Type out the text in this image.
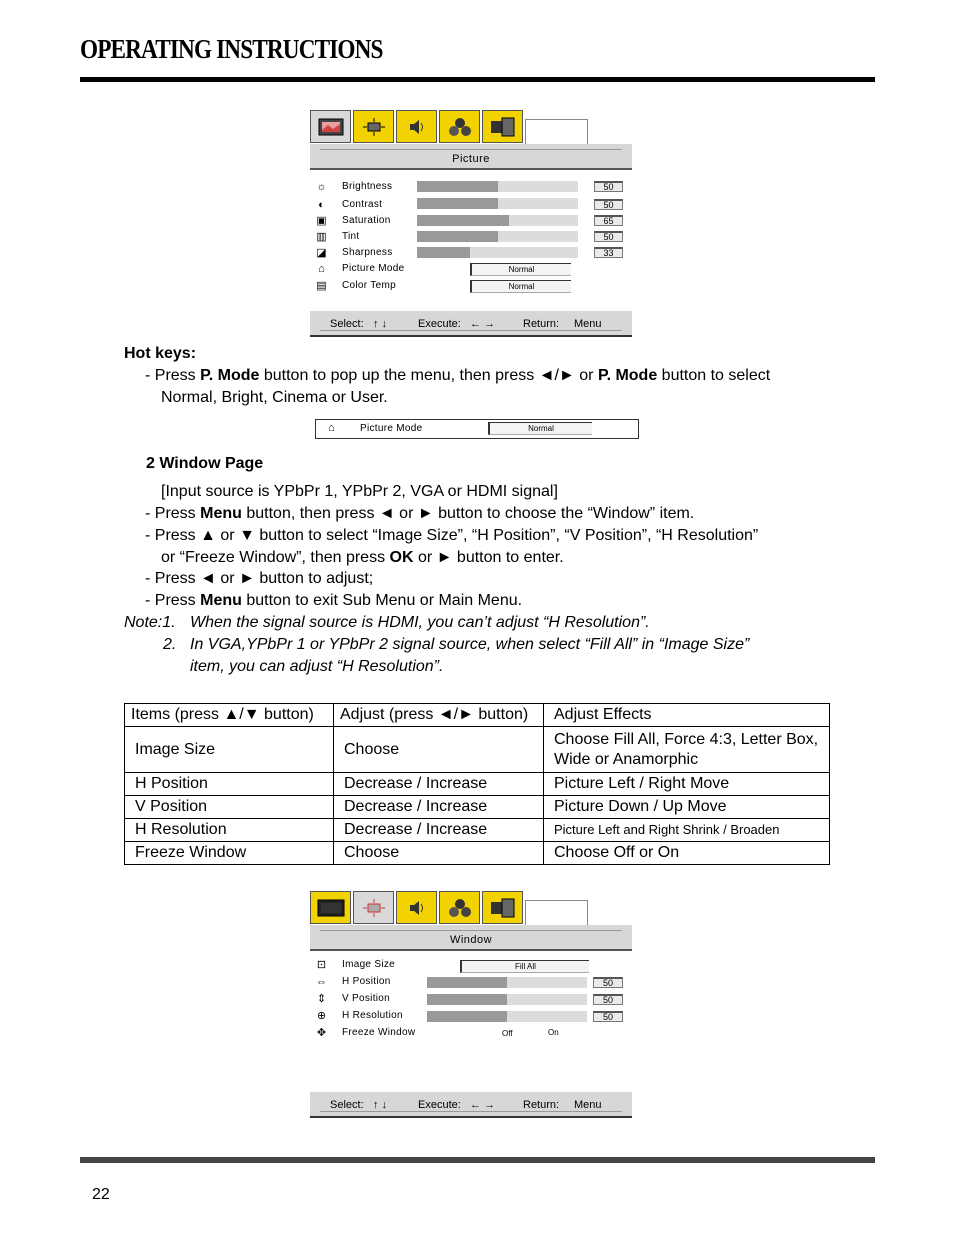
OPERATING INSTRUCTIONS
Picture
☼ Brightness	50
◐	Contrast	50
▣ Saturation	65
▥ Tint	50
◪ Sharpness	33
⌂	Picture Mode	Normal
▤ Color Temp	Normal
Select: ↑ ↓	Execute: ← →	Return: Menu
Hot keys:
- Press P. Mode button to pop up the menu, then press ◄/► or P. Mode button to select
Normal, Bright, Cinema or User.
⌂	Picture Mode	Normal
2 Window Page
[Input source is YPbPr 1, YPbPr 2, VGA or HDMI signal]
- Press Menu button, then press ◄ or ► button to choose the “Window” item.
- Press ▲ or ▼ button to select “Image Size”, “H Position”, “V Position”, “H Resolution”
or “Freeze Window”, then press OK or ► button to enter.
- Press ◄ or ► button to adjust;
- Press Menu button to exit Sub Menu or Main Menu.
Note:1. When the signal source is HDMI, you can’t adjust “H Resolution”.
2. In VGA,YPbPr 1 or YPbPr 2 signal source, when select “Fill All” in “Image Size”
item, you can adjust “H Resolution”.
Items (press ▲/▼ button)	Adjust (press ◄/► button)	Adjust Effects
Image Size	Choose	Choose Fill All, Force 4:3, Letter Box, Wide or Anamorphic
H Position	Decrease / Increase	Picture Left / Right Move
V Position	Decrease / Increase	Picture Down / Up Move
H Resolution	Decrease / Increase	Picture Left and Right Shrink / Broaden
Freeze Window	Choose	Choose Off or On
Window
⊡ Image Size	Fill All
⇔ H Position	50
⇕ V Position	50
⊕ H Resolution	50
✥ Freeze Window	Off	On
Select: ↑ ↓	Execute: ← →	Return: Menu
22
